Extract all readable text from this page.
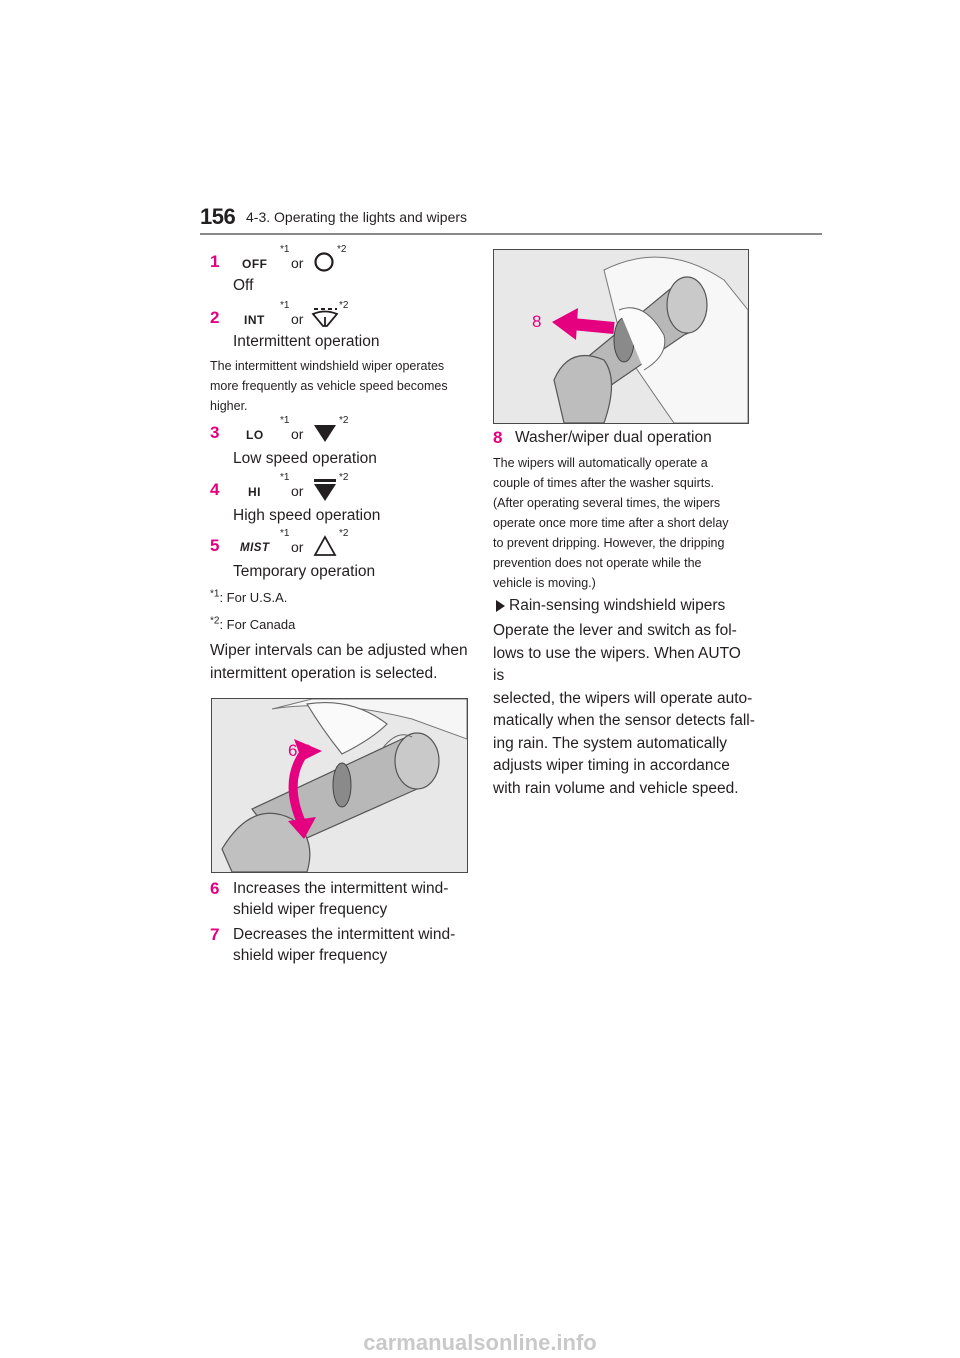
156 4-3. Operating the lights and wipers
1 OFF
*1
or
*2
Off
2 INT
*1
or
*2
Intermittent operation
The intermittent windshield wiper operates more frequently as vehicle speed becomes higher.
3 LO
*1
or
*2
Low speed operation
4 HI
*1
or
*2
High speed operation
5 MIST
*1
or
*2
Temporary operation
$^{*1}$: For U.S.A.
$^{*2}$: For Canada
Wiper intervals can be adjusted when intermittent operation is selected.
6
7
6 Increases the intermittent wind-
shield wiper frequency
7 Decreases the intermittent wind-
shield wiper frequency
8
8 Washer/wiper dual operation
The wipers will automatically operate a
couple of times after the washer squirts.
(After operating several times, the wipers
operate once more time after a short delay
to prevent dripping. However, the dripping
prevention does not operate while the
vehicle is moving.)
Rain-sensing windshield wipers
Operate the lever and switch as fol-
lows to use the wipers. When AUTO is
selected, the wipers will operate auto-
matically when the sensor detects fall-
ing rain. The system automatically
adjusts wiper timing in accordance
with rain volume and vehicle speed.
carmanualsonline.info
